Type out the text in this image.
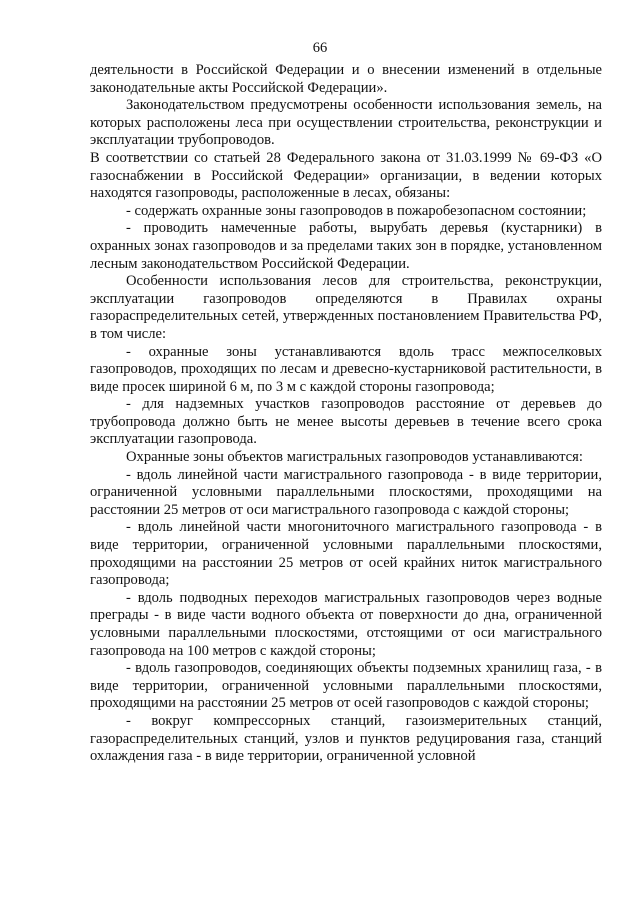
66

деятельности в Российской Федерации и о внесении изменений в отдельные законодательные акты Российской Федерации».

Законодательством предусмотрены особенности использования земель, на которых расположены леса при осуществлении строительства, реконструкции и эксплуатации трубопроводов.

В соответствии со статьей 28 Федерального закона от 31.03.1999 № 69-ФЗ «О газоснабжении в Российской Федерации» организации, в ведении которых находятся газопроводы, расположенные в лесах, обязаны:

- содержать охранные зоны газопроводов в пожаробезопасном состоянии;

- проводить намеченные работы, вырубать деревья (кустарники) в охранных зонах газопроводов и за пределами таких зон в порядке, установленном лесным законодательством Российской Федерации.

Особенности использования лесов для строительства, реконструкции, эксплуатации газопроводов определяются в Правилах охраны газораспределительных сетей, утвержденных постановлением Правительства РФ, в том числе:

- охранные зоны устанавливаются вдоль трасс межпоселковых газопроводов, проходящих по лесам и древесно-кустарниковой растительности, в виде просек шириной 6 м, по 3 м с каждой стороны газопровода;

- для надземных участков газопроводов расстояние от деревьев до трубопровода должно быть не менее высоты деревьев в течение всего срока эксплуатации газопровода.

Охранные зоны объектов магистральных газопроводов устанавливаются:

- вдоль линейной части магистрального газопровода - в виде территории, ограниченной условными параллельными плоскостями, проходящими на расстоянии 25 метров от оси магистрального газопровода с каждой стороны;

- вдоль линейной части многониточного магистрального газопровода - в виде территории, ограниченной условными параллельными плоскостями, проходящими на расстоянии 25 метров от осей крайних ниток магистрального газопровода;

- вдоль подводных переходов магистральных газопроводов через водные преграды - в виде части водного объекта от поверхности до дна, ограниченной условными параллельными плоскостями, отстоящими от оси магистрального газопровода на 100 метров с каждой стороны;

- вдоль газопроводов, соединяющих объекты подземных хранилищ газа, - в виде территории, ограниченной условными параллельными плоскостями, проходящими на расстоянии 25 метров от осей газопроводов с каждой стороны;

- вокруг компрессорных станций, газоизмерительных станций, газораспределительных станций, узлов и пунктов редуцирования газа, станций охлаждения газа - в виде территории, ограниченной условной
